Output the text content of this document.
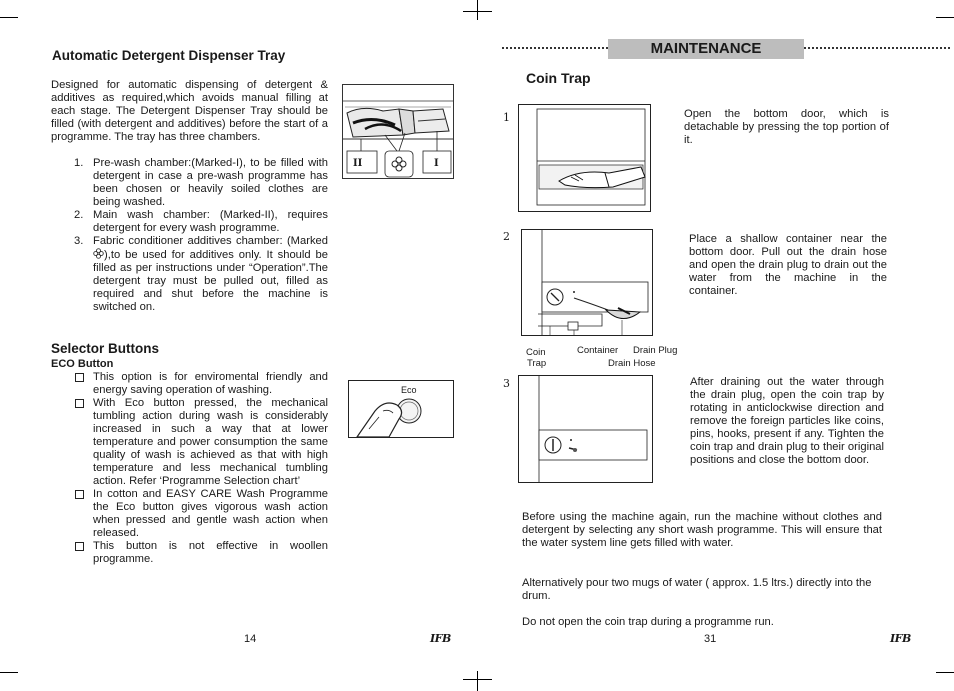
Automatic Detergent Dispenser Tray

Designed for automatic dispensing of detergent & additives as required,which avoids manual filling at each stage. The Detergent Dispenser Tray should be filled (with detergent and additives) before the start of a programme. The tray has three chambers.

1. Pre-wash chamber:(Marked-I), to be filled with detergent in case a pre-wash programme has been chosen or heavily soiled clothes are being washed.

2. Main wash chamber: (Marked-II), requires detergent for every wash programme.

3. Fabric conditioner additives chamber: (Marked ),to be used for additives only. It should be filled as per instructions under “Operation”.The detergent tray must be pulled out, filled as required and shut before the machine is switched on.

II	I
Selector Buttons
ECO Button

This option is for enviromental friendly and energy saving operation of washing.

With Eco button pressed, the mechanical tumbling action during wash is considerably increased in such a way that at lower temperature and power consumption the same quality of wash is achieved as that with high temperature and less mechanical tumbling action. Refer ‘Programme Selection chart’

In cotton and EASY CARE Wash Programme the Eco button gives vigorous wash action when pressed and gentle wash action when released.

This button is not effective in woollen programme.

Eco
14	IFB
MAINTENANCE
Coin Trap
1	Open the bottom door, which is detachable by pressing the top portion of it.
2	Place a shallow container near the bottom door. Pull out the drain hose and open the drain plug to drain out the water from the machine in the container.
Coin
Trap
Container Drain Plug
Drain Hose
3	After draining out the water through the drain plug, open the coin trap by rotating in anticlockwise direction and remove the foreign particles like coins, pins, hooks, present if any. Tighten the coin trap and drain plug to their original positions and close the bottom door.
Before using the machine again, run the machine without clothes and detergent by selecting any short wash programme. This will ensure that the water system line gets filled with water.
Alternatively pour two mugs of water ( approx. 1.5 ltrs.) directly into the drum.
Do not open the coin trap during a programme run.
31	IFB
